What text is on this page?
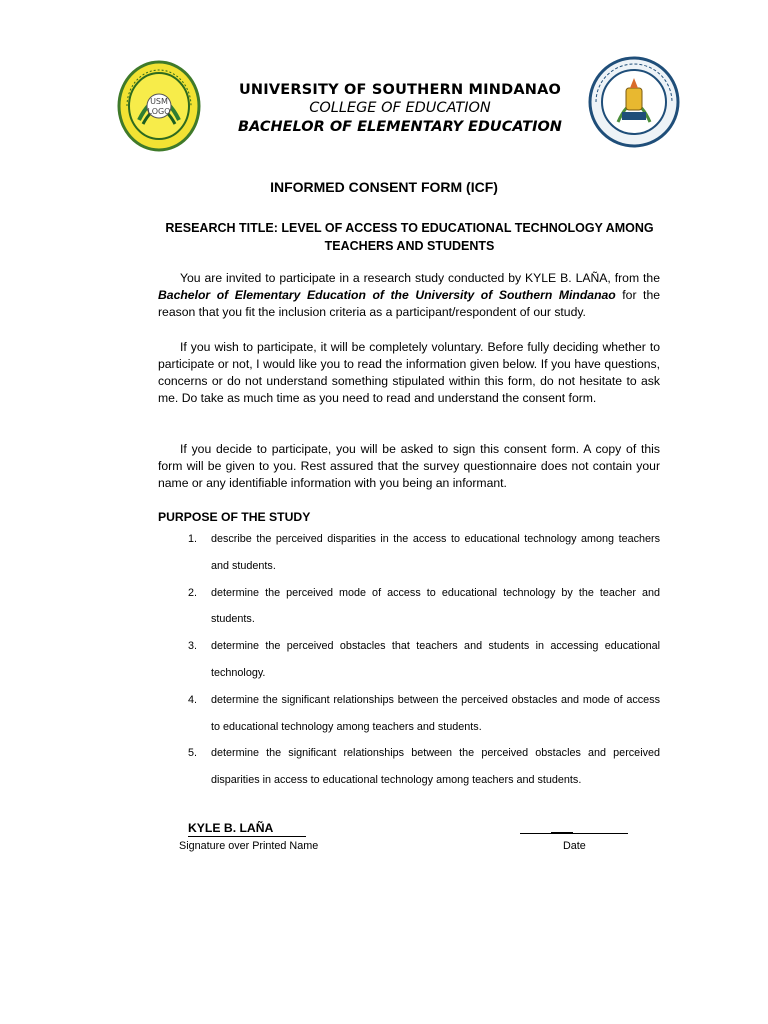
USM
LOGO
UNIVERSITY OF SOUTHERN MINDANAO
COLLEGE OF EDUCATION
BACHELOR OF ELEMENTARY EDUCATION
INFORMED CONSENT FORM (ICF)
RESEARCH TITLE: LEVEL OF ACCESS TO EDUCATIONAL TECHNOLOGY AMONG TEACHERS AND STUDENTS

You are invited to participate in a research study conducted by KYLE B. LAÑA, from the Bachelor of Elementary Education of the University of Southern Mindanao for the reason that you fit the inclusion criteria as a participant/respondent of our study.

If you wish to participate, it will be completely voluntary. Before fully deciding whether to participate or not, I would like you to read the information given below. If you have questions, concerns or do not understand something stipulated within this form, do not hesitate to ask me. Do take as much time as you need to read and understand the consent form.

If you decide to participate, you will be asked to sign this consent form. A copy of this form will be given to you. Rest assured that the survey questionnaire does not contain your name or any identifiable information with you being an informant.

PURPOSE OF THE STUDY
1. describe the perceived disparities in the access to educational technology among teachers and students.
2. determine the perceived mode of access to educational technology by the teacher and students.
3. determine the perceived obstacles that teachers and students in accessing educational technology.
4. determine the significant relationships between the perceived obstacles and mode of access to educational technology among teachers and students.
5. determine the significant relationships between the perceived obstacles and perceived disparities in access to educational technology among teachers and students.
KYLE B. LAÑA
Signature over Printed Name	Date
